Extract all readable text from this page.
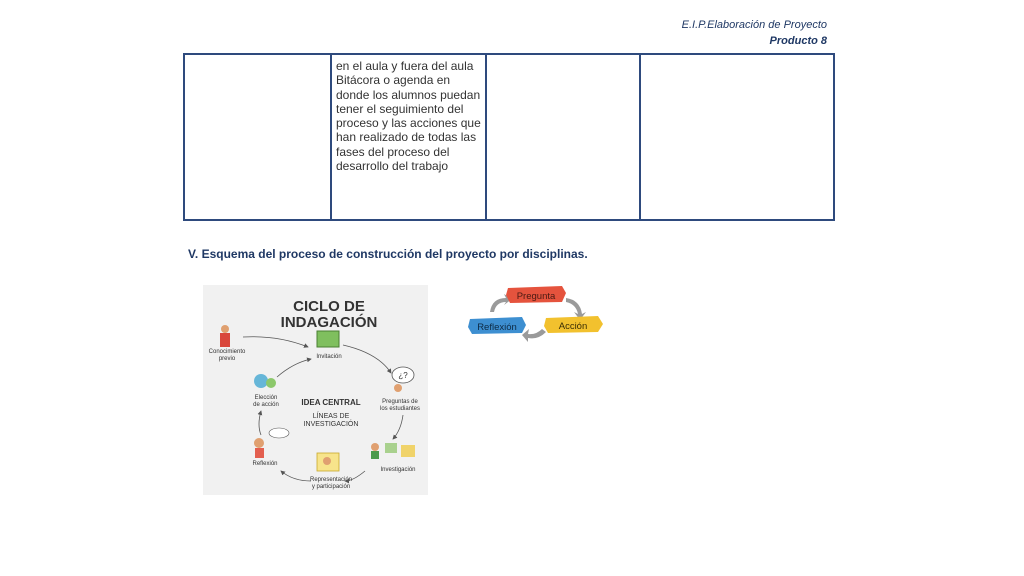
E.I.P.Elaboración de Proyecto
Producto 8

en el aula y fuera del aula Bitácora o agenda en donde los alumnos puedan tener el seguimiento del proceso y las acciones que han realizado de todas las fases del proceso del desarrollo del trabajo

V. Esquema del proceso de construcción del proyecto por disciplinas.
CICLO DE
INDAGACIÓN
IDEA CENTRAL
LÍNEAS DE
INVESTIGACIÓN
¿?
Conocimiento
previo	Invitación
Preguntas de
los estudiantes
Elección
de acción
Investigación
Reflexión
Representación
y participación
Pregunta
Acción
Reflexión
